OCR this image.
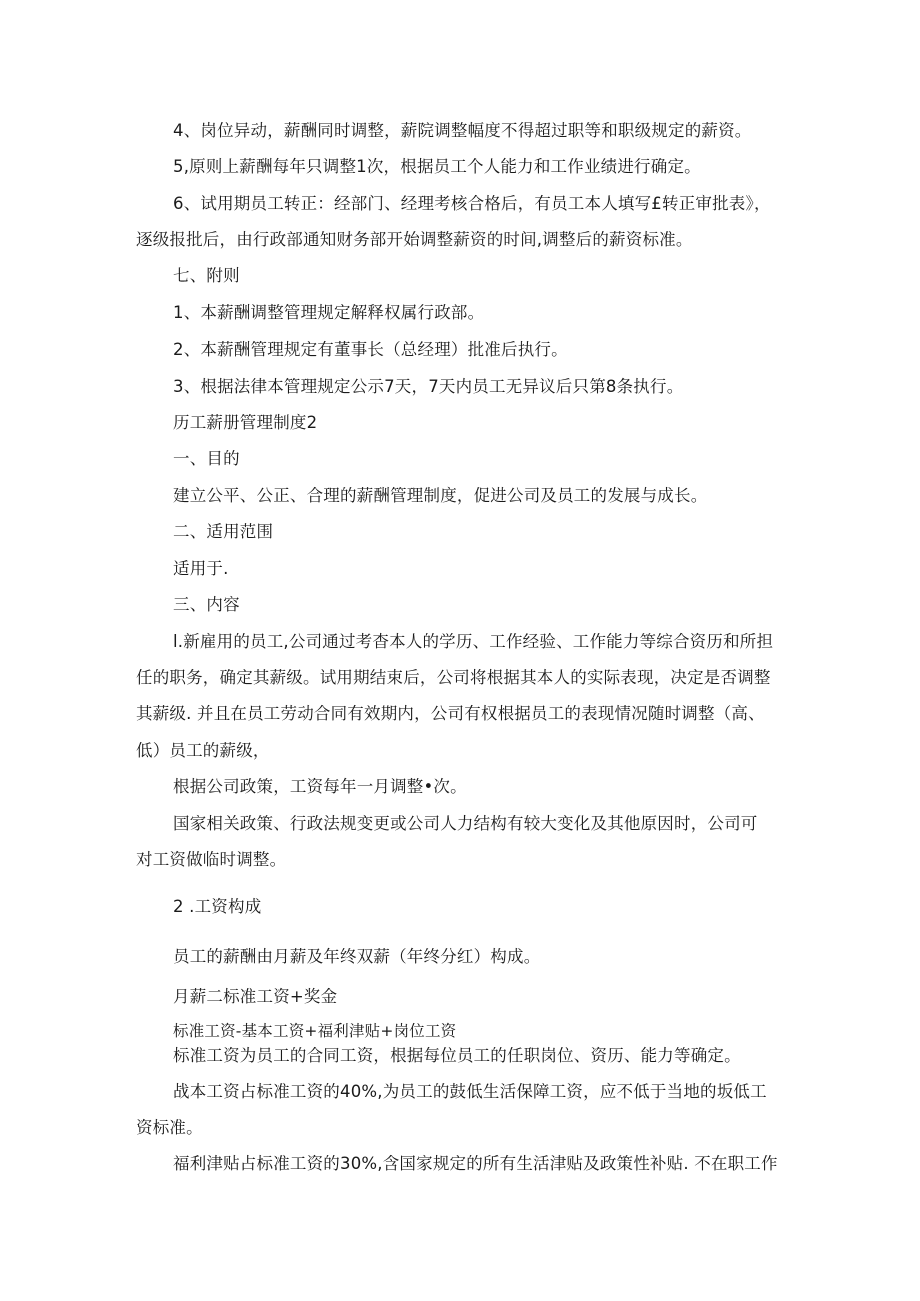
4、岗位异动，薪酬同时调整，薪院调整幅度不得超过职等和职级规定的薪资。
5,原则上薪酬每年只调整1次，根据员工个人能力和工作业绩进行确定。
6、试用期员工转正：经部门、经理考核合格后，有员工本人填写£转正审批表》，
逐级报批后，由行政部通知财务部开始调整薪资的时间,调整后的薪资标准。
七、附则
1、本薪酬调整管理规定解释权属行政部。
2、本薪酬管理规定有董事长（总经理）批准后执行。
3、根据法律本管理规定公示7天，7天内员工无异议后只第8条执行。
历工薪册管理制度2
一、目的
建立公平、公正、合理的薪酬管理制度，促进公司及员工的发展与成长。
二、适用范围
适用于.
三、内容
l.新雇用的员工,公司通过考杳本人的学历、工作经验、工作能力等综合资历和所担
任的职务，确定其薪级。试用期结束后，公司将根据其本人的实际表现，决定是否调整
其薪级. 并且在员工劳动合同有效期内，公司有权根据员工的表现情况随时调整（高、
低）员工的薪级，
根据公司政策，工资每年一月调整•次。
国家相关政策、行政法规变更或公司人力结构有较大变化及其他原因时，公司可
对工资做临时调整。
2 .工资构成
员工的薪酬由月薪及年终双薪（年终分红）构成。
月薪二标准工资+奖金
标准工资-基本工资+福利津贴+岗位工资
标准工资为员工的合同工资，根据每位员工的任职岗位、资历、能力等确定。
战本工资占标准工资的40%,为员工的鼓低生活保障工资，应不低于当地的坂低工
资标准。
福利津贴占标准工资的30%,含国家规定的所有生活津贴及政策性补贴. 不在职工作
